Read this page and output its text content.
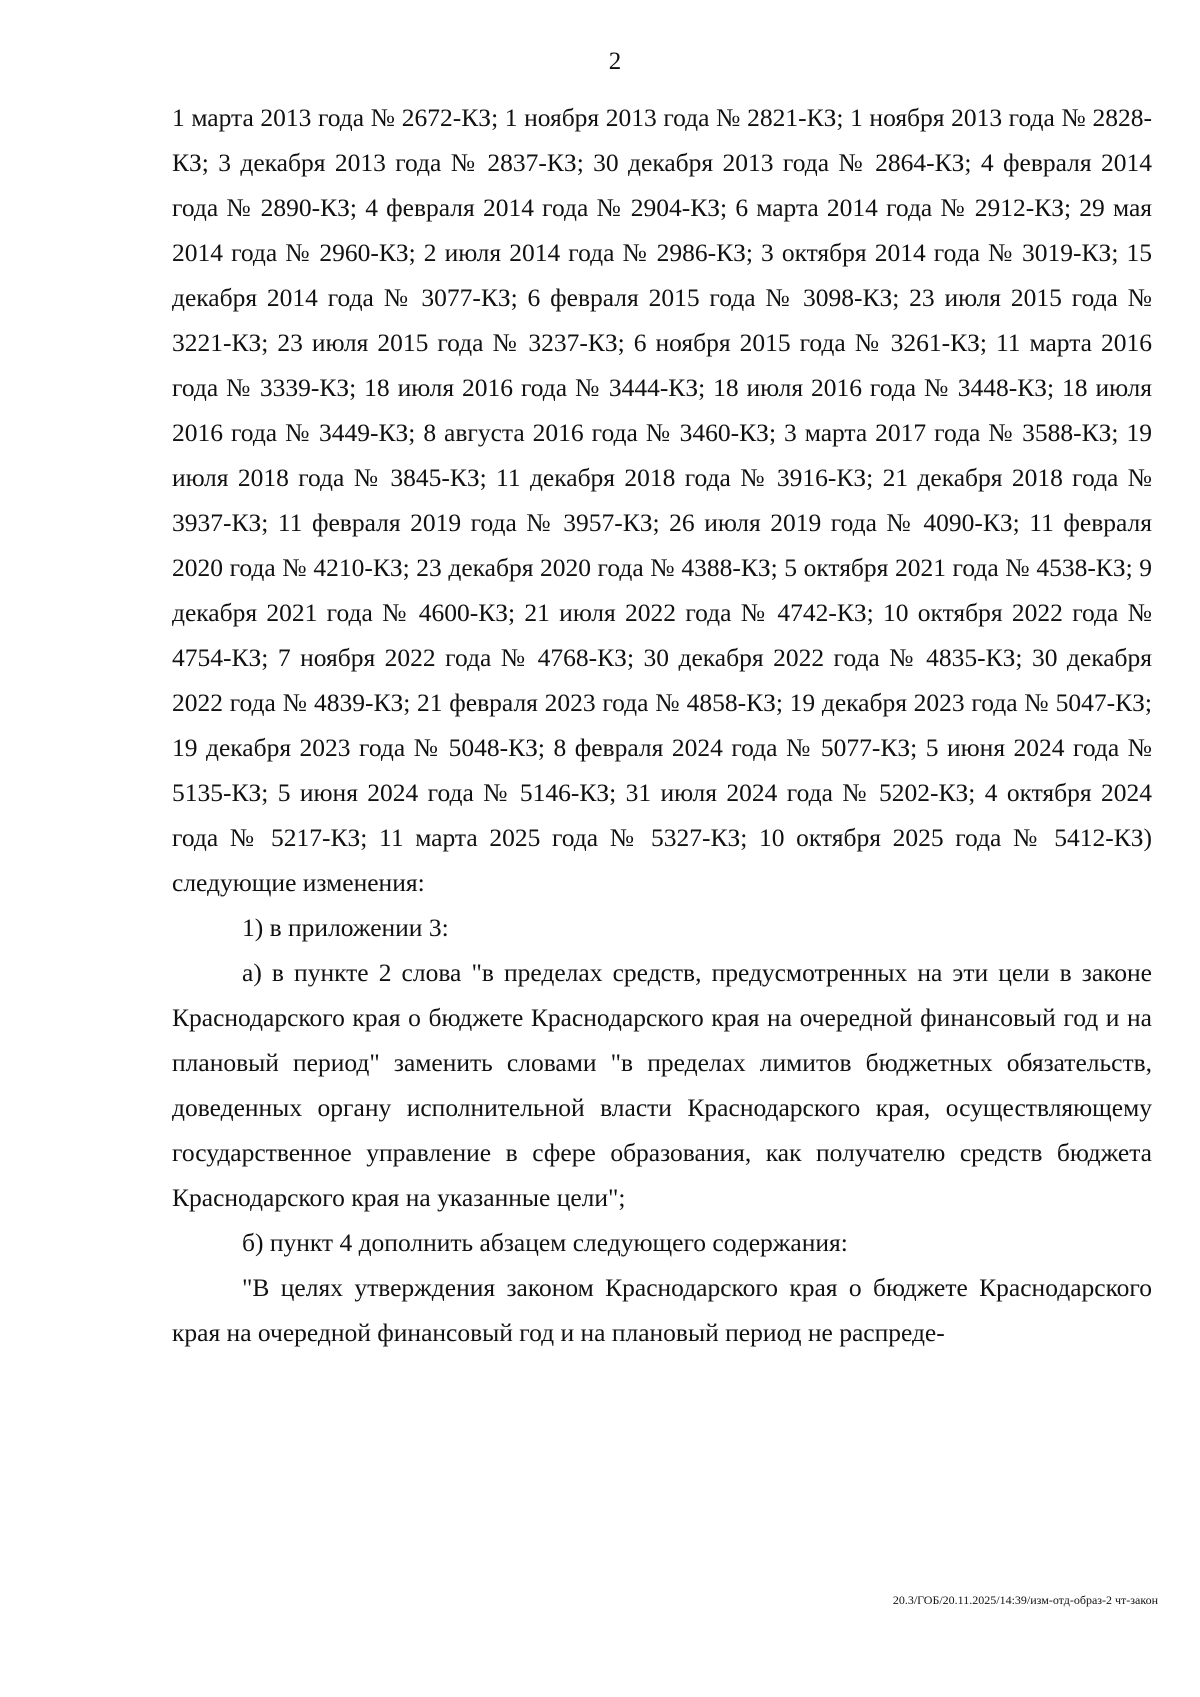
2

1 марта 2013 года № 2672-КЗ; 1 ноября 2013 года № 2821-КЗ; 1 ноября 2013 года № 2828-КЗ; 3 декабря 2013 года № 2837-КЗ; 30 декабря 2013 года № 2864-КЗ; 4 февраля 2014 года № 2890-КЗ; 4 февраля 2014 года № 2904-КЗ; 6 марта 2014 года № 2912-КЗ; 29 мая 2014 года № 2960-КЗ; 2 июля 2014 года № 2986-КЗ; 3 октября 2014 года № 3019-КЗ; 15 декабря 2014 года № 3077-КЗ; 6 февраля 2015 года № 3098-КЗ; 23 июля 2015 года № 3221-КЗ; 23 июля 2015 года № 3237-КЗ; 6 ноября 2015 года № 3261-КЗ; 11 марта 2016 года № 3339-КЗ; 18 июля 2016 года № 3444-КЗ; 18 июля 2016 года № 3448-КЗ; 18 июля 2016 года № 3449-КЗ; 8 августа 2016 года № 3460-КЗ; 3 марта 2017 года № 3588-КЗ; 19 июля 2018 года № 3845-КЗ; 11 декабря 2018 года № 3916-КЗ; 21 декабря 2018 года № 3937-КЗ; 11 февраля 2019 года № 3957-КЗ; 26 июля 2019 года № 4090-КЗ; 11 февраля 2020 года № 4210-КЗ; 23 декабря 2020 года № 4388-КЗ; 5 октября 2021 года № 4538-КЗ; 9 декабря 2021 года № 4600-КЗ; 21 июля 2022 года № 4742-КЗ; 10 октября 2022 года № 4754-КЗ; 7 ноября 2022 года № 4768-КЗ; 30 декабря 2022 года № 4835-КЗ; 30 декабря 2022 года № 4839-КЗ; 21 февраля 2023 года № 4858-КЗ; 19 декабря 2023 года № 5047-КЗ; 19 декабря 2023 года № 5048-КЗ; 8 февраля 2024 года № 5077-КЗ; 5 июня 2024 года № 5135-КЗ; 5 июня 2024 года № 5146-КЗ; 31 июля 2024 года № 5202-КЗ; 4 октября 2024 года № 5217-КЗ; 11 марта 2025 года № 5327-КЗ; 10 октября 2025 года № 5412-КЗ) следующие изменения:

1) в приложении 3:

а) в пункте 2 слова "в пределах средств, предусмотренных на эти цели в законе Краснодарского края о бюджете Краснодарского края на очередной финансовый год и на плановый период" заменить словами "в пределах лимитов бюджетных обязательств, доведенных органу исполнительной власти Краснодарского края, осуществляющему государственное управление в сфере образования, как получателю средств бюджета Краснодарского края на указанные цели";

б) пункт 4 дополнить абзацем следующего содержания:

"В целях утверждения законом Краснодарского края о бюджете Краснодарского края на очередной финансовый год и на плановый период не распреде-

20.3/ГОБ/20.11.2025/14:39/изм-отд-образ-2 чт-закон
